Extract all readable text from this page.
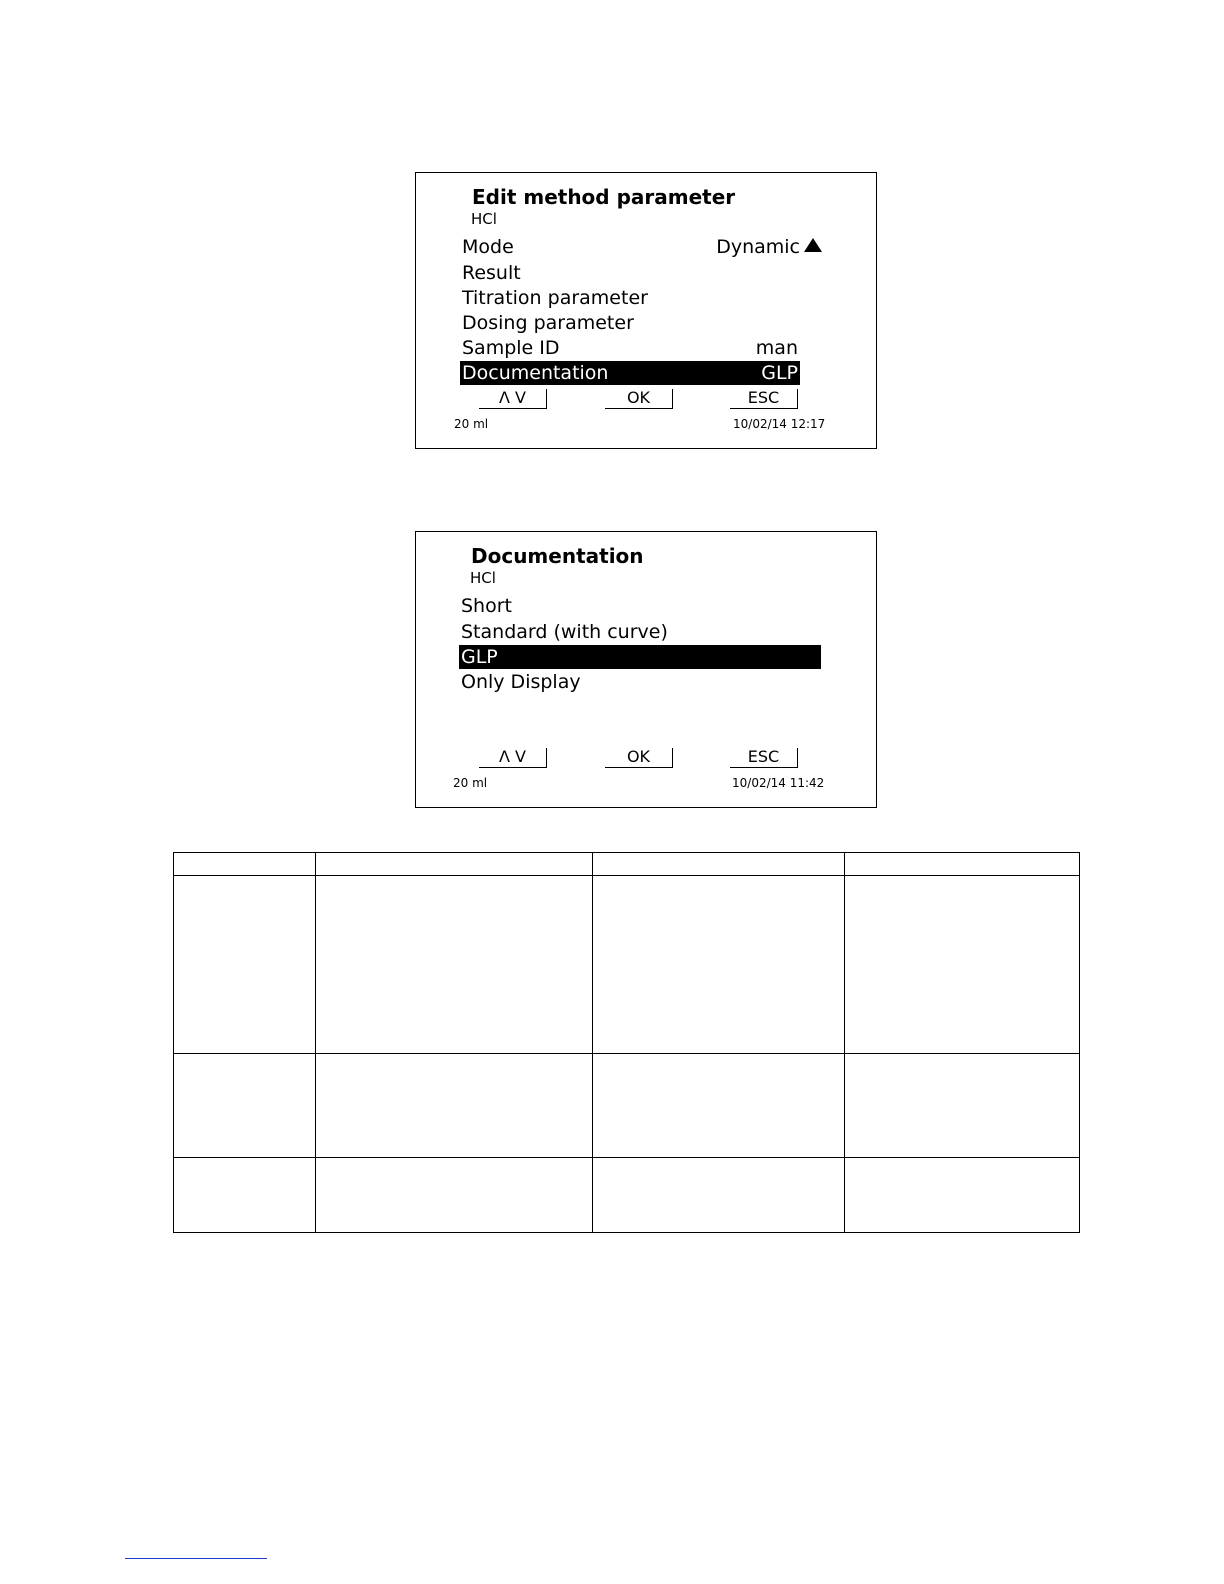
Edit method parameter
HCl
Mode	Dynamic
Result
Titration parameter
Dosing parameter
Sample ID	man
Documentation	GLP
Λ V	OK	ESC
20 ml	10/02/14 12:17
Documentation
HCl
Short
Standard (with curve)
GLP
Only Display
Λ V	OK	ESC
20 ml	10/02/14 11:42
